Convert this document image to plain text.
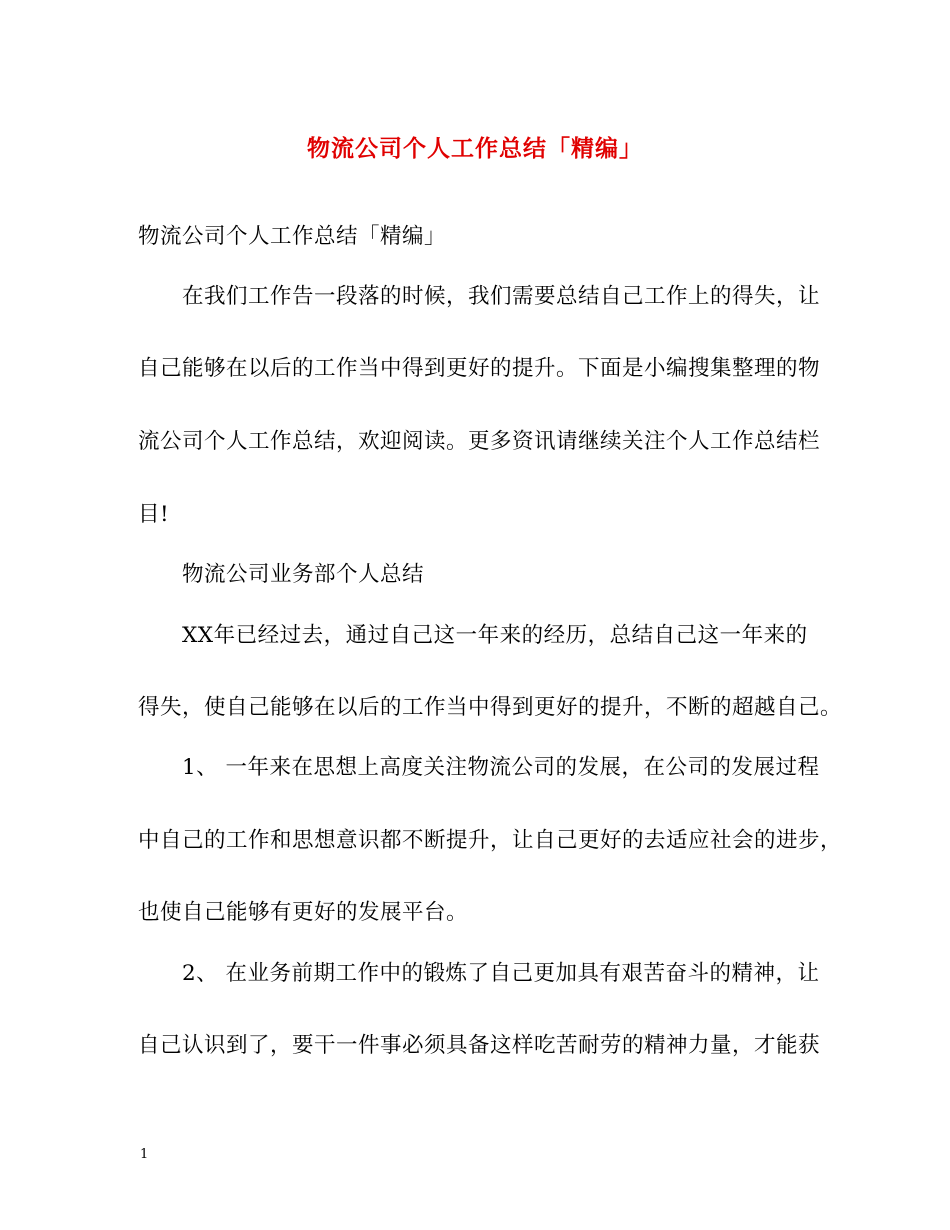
物流公司个人工作总结「精编」
物流公司个人工作总结「精编」
在我们工作告一段落的时候，我们需要总结自己工作上的得失，让
自己能够在以后的工作当中得到更好的提升。下面是小编搜集整理的物
流公司个人工作总结，欢迎阅读。更多资讯请继续关注个人工作总结栏
目!
物流公司业务部个人总结
XX年已经过去，通过自己这一年来的经历，总结自己这一年来的
得失，使自己能够在以后的工作当中得到更好的提升，不断的超越自己。
1、 一年来在思想上高度关注物流公司的发展，在公司的发展过程
中自己的工作和思想意识都不断提升，让自己更好的去适应社会的进步，
也使自己能够有更好的发展平台。
2、 在业务前期工作中的锻炼了自己更加具有艰苦奋斗的精神，让
自己认识到了，要干一件事必须具备这样吃苦耐劳的精神力量，才能获
1
